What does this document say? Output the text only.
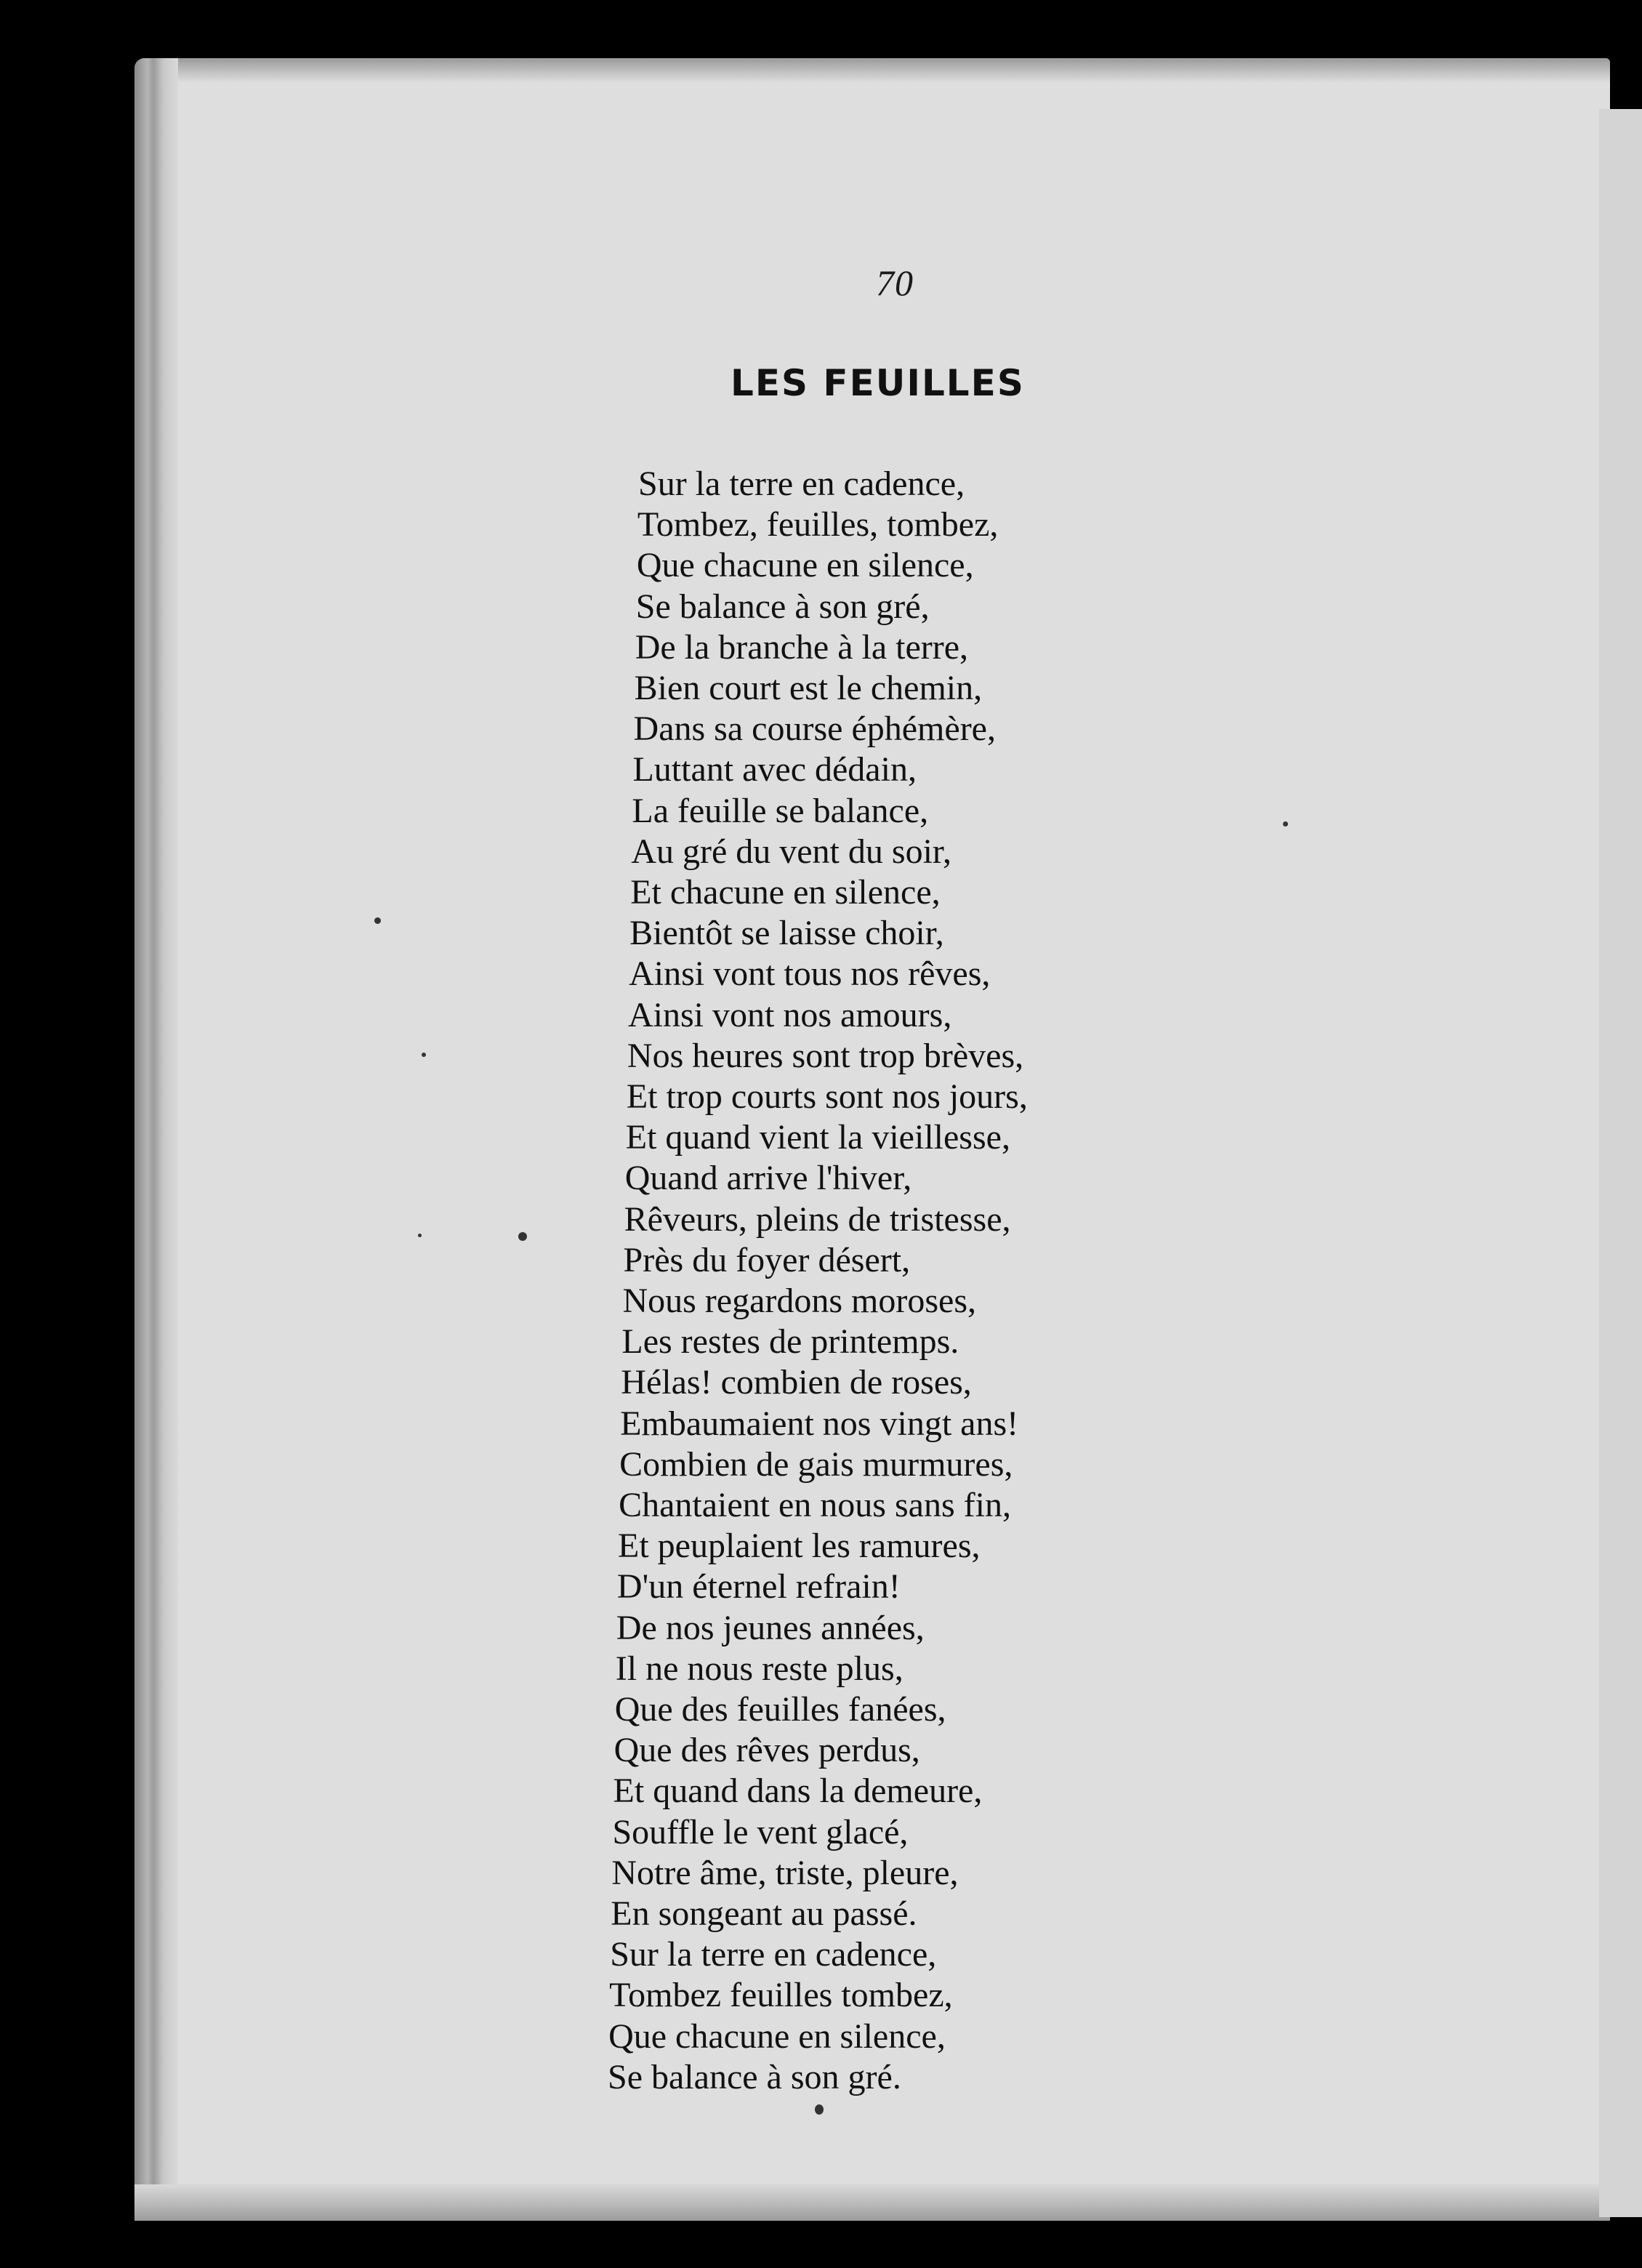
70
LES FEUILLES
Sur la terre en cadence,
Tombez, feuilles, tombez,
Que chacune en silence,
Se balance à son gré,
De la branche à la terre,
Bien court est le chemin,
Dans sa course éphémère,
Luttant avec dédain,
La feuille se balance,
Au gré du vent du soir,
Et chacune en silence,
Bientôt se laisse choir,
Ainsi vont tous nos rêves,
Ainsi vont nos amours,
Nos heures sont trop brèves,
Et trop courts sont nos jours,
Et quand vient la vieillesse,
Quand arrive l'hiver,
Rêveurs, pleins de tristesse,
Près du foyer désert,
Nous regardons moroses,
Les restes de printemps.
Hélas! combien de roses,
Embaumaient nos vingt ans!
Combien de gais murmures,
Chantaient en nous sans fin,
Et peuplaient les ramures,
D'un éternel refrain!
De nos jeunes années,
Il ne nous reste plus,
Que des feuilles fanées,
Que des rêves perdus,
Et quand dans la demeure,
Souffle le vent glacé,
Notre âme, triste, pleure,
En songeant au passé.
Sur la terre en cadence,
Tombez feuilles tombez,
Que chacune en silence,
Se balance à son gré.
